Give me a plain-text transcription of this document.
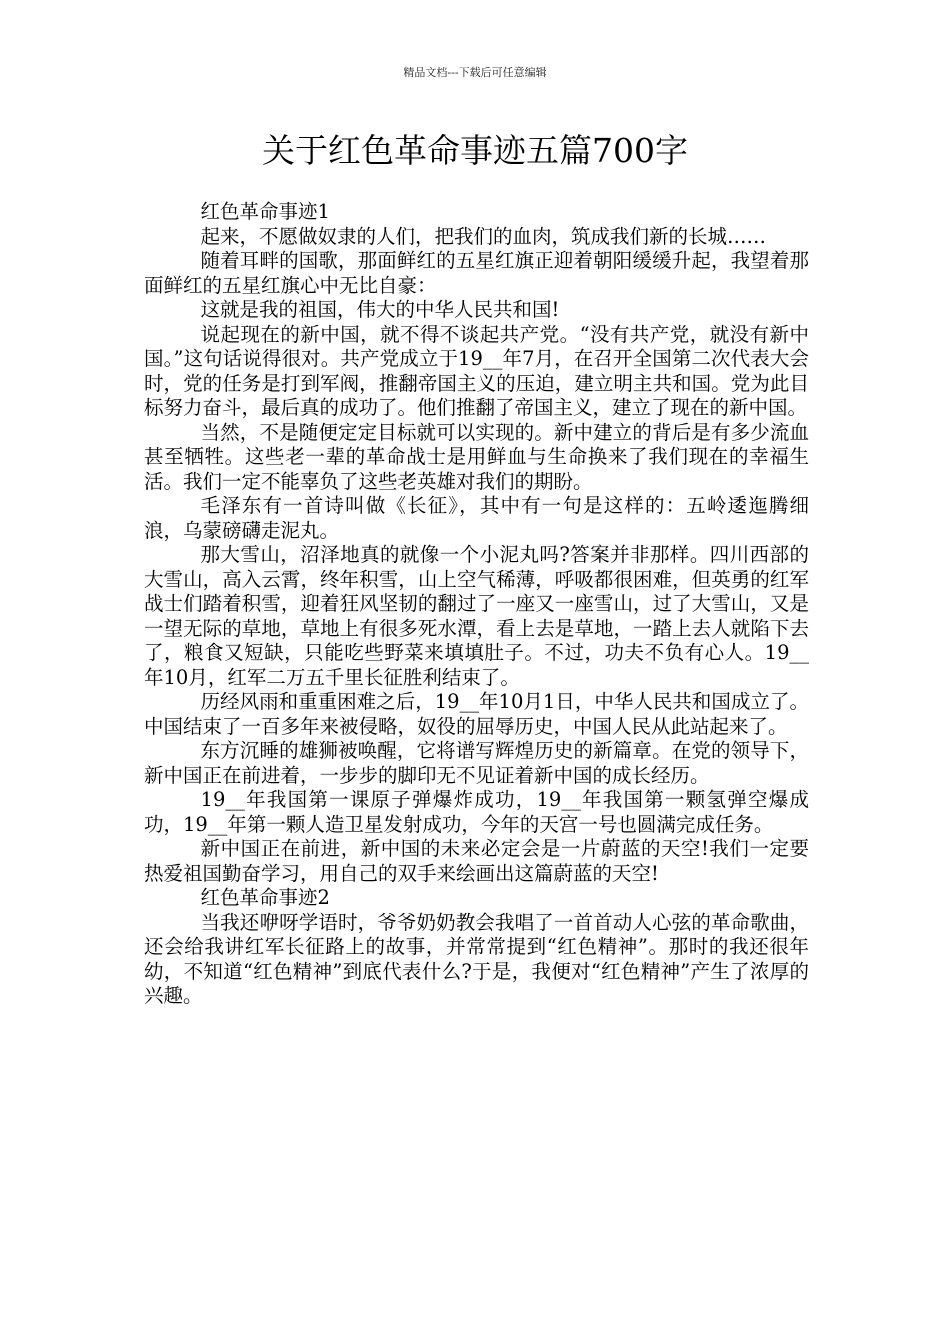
精品文档---下载后可任意编辑
关于红色革命事迹五篇700字

红色革命事迹1

起来，不愿做奴隶的人们，把我们的血肉，筑成我们新的长城……

随着耳畔的国歌，那面鲜红的五星红旗正迎着朝阳缓缓升起，我望着那面鲜红的五星红旗心中无比自豪：

这就是我的祖国，伟大的中华人民共和国!

说起现在的新中国，就不得不谈起共产党。“没有共产党，就没有新中国。”这句话说得很对。共产党成立于19__年7月，在召开全国第二次代表大会时，党的任务是打到军阀，推翻帝国主义的压迫，建立明主共和国。党为此目标努力奋斗，最后真的成功了。他们推翻了帝国主义，建立了现在的新中国。

当然，不是随便定定目标就可以实现的。新中建立的背后是有多少流血甚至牺牲。这些老一辈的革命战士是用鲜血与生命换来了我们现在的幸福生活。我们一定不能辜负了这些老英雄对我们的期盼。

毛泽东有一首诗叫做《长征》，其中有一句是这样的：五岭逶迤腾细浪，乌蒙磅礴走泥丸。

那大雪山，沼泽地真的就像一个小泥丸吗?答案并非那样。四川西部的大雪山，高入云霄，终年积雪，山上空气稀薄，呼吸都很困难，但英勇的红军战士们踏着积雪，迎着狂风坚韧的翻过了一座又一座雪山，过了大雪山，又是一望无际的草地，草地上有很多死水潭，看上去是草地，一踏上去人就陷下去了，粮食又短缺，只能吃些野菜来填填肚子。不过，功夫不负有心人。19__年10月，红军二万五千里长征胜利结束了。

历经风雨和重重困难之后，19__年10月1日，中华人民共和国成立了。中国结束了一百多年来被侵略，奴役的屈辱历史，中国人民从此站起来了。

东方沉睡的雄狮被唤醒，它将谱写辉煌历史的新篇章。在党的领导下，新中国正在前进着，一步步的脚印无不见证着新中国的成长经历。

19__年我国第一课原子弹爆炸成功，19__年我国第一颗氢弹空爆成功，19__年第一颗人造卫星发射成功，今年的天宫一号也圆满完成任务。

新中国正在前进，新中国的未来必定会是一片蔚蓝的天空!我们一定要热爱祖国勤奋学习，用自己的双手来绘画出这篇蔚蓝的天空!

红色革命事迹2

当我还咿呀学语时，爷爷奶奶教会我唱了一首首动人心弦的革命歌曲，还会给我讲红军长征路上的故事，并常常提到“红色精神”。那时的我还很年幼，不知道“红色精神”到底代表什么?于是，我便对“红色精神”产生了浓厚的兴趣。
